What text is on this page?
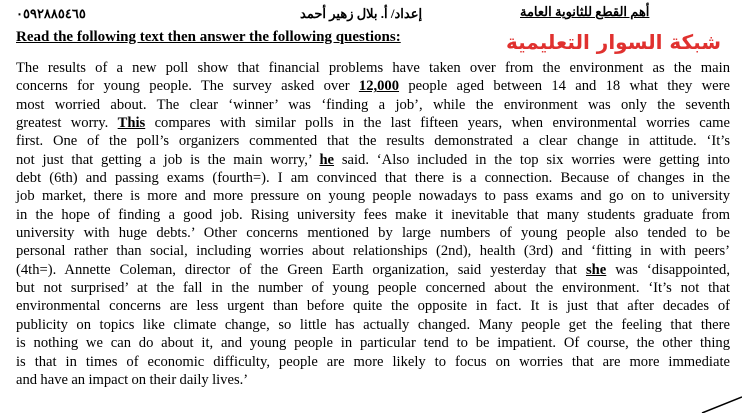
٠٥٩٢٨٨٥٤٦٥	إعداد/ أ. بلال زهير أحمد	أهم القطع للثانوية العامة
Read the following text then answer the following questions:	شبكة السوار التعليمية
The results of a new poll show that financial problems have taken over from the environment as the main
concerns for young people. The survey asked over 12,000 people aged between 14 and 18 what they were
most worried about. The clear ‘winner’ was ‘finding a job’, while the environment was only the seventh
greatest worry. This compares with similar polls in the last fifteen years, when environmental worries came
first. One of the poll’s organizers commented that the results demonstrated a clear change in attitude. ‘It’s
not just that getting a job is the main worry,’ he said. ‘Also included in the top six worries were getting into
debt (6th) and passing exams (fourth=). I am convinced that there is a connection. Because of changes in the
job market, there is more and more pressure on young people nowadays to pass exams and go on to university
in the hope of finding a good job. Rising university fees make it inevitable that many students graduate from
university with huge debts.’ Other concerns mentioned by large numbers of young people also tended to be
personal rather than social, including worries about relationships (2nd), health (3rd) and ‘fitting in with peers’
(4th=). Annette Coleman, director of the Green Earth organization, said yesterday that she was ‘disappointed,
but not surprised’ at the fall in the number of young people concerned about the environment. ‘It’s not that
environmental concerns are less urgent than before quite the opposite in fact. It is just that after decades of
publicity on topics like climate change, so little has actually changed. Many people get the feeling that there
is nothing we can do about it, and young people in particular tend to be impatient. Of course, the other thing
is that in times of economic difficulty, people are more likely to focus on worries that are more immediate
and have an impact on their daily lives.’
